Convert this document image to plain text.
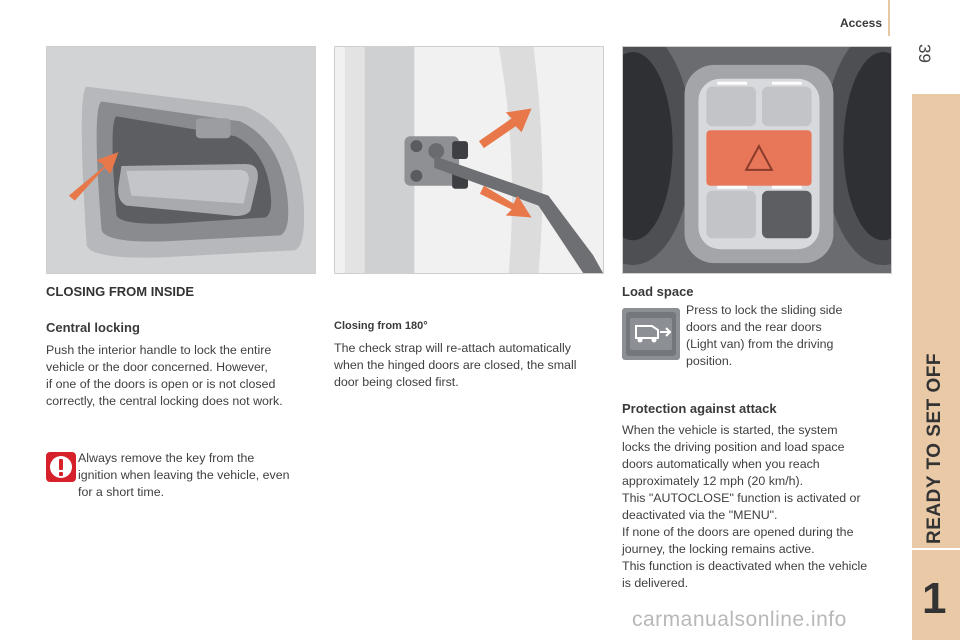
Access
39
READY TO SET OFF
1
CLOSING FROM INSIDE
Central locking
Push the interior handle to lock the entire
vehicle or the door concerned. However,
if one of the doors is open or is not closed
correctly, the central locking does not work.
Always remove the key from the
ignition when leaving the vehicle, even
for a short time.
Closing from 180°
The check strap will re-attach automatically
when the hinged doors are closed, the small
door being closed first.
Load space
Press to lock the sliding side
doors and the rear doors
(Light van) from the driving
position.
Protection against attack
When the vehicle is started, the system
locks the driving position and load space
doors automatically when you reach
approximately 12 mph (20 km/h).
This "AUTOCLOSE" function is activated or
deactivated via the "MENU".
If none of the doors are opened during the
journey, the locking remains active.
This function is deactivated when the vehicle
is delivered.
carmanualsonline.info
